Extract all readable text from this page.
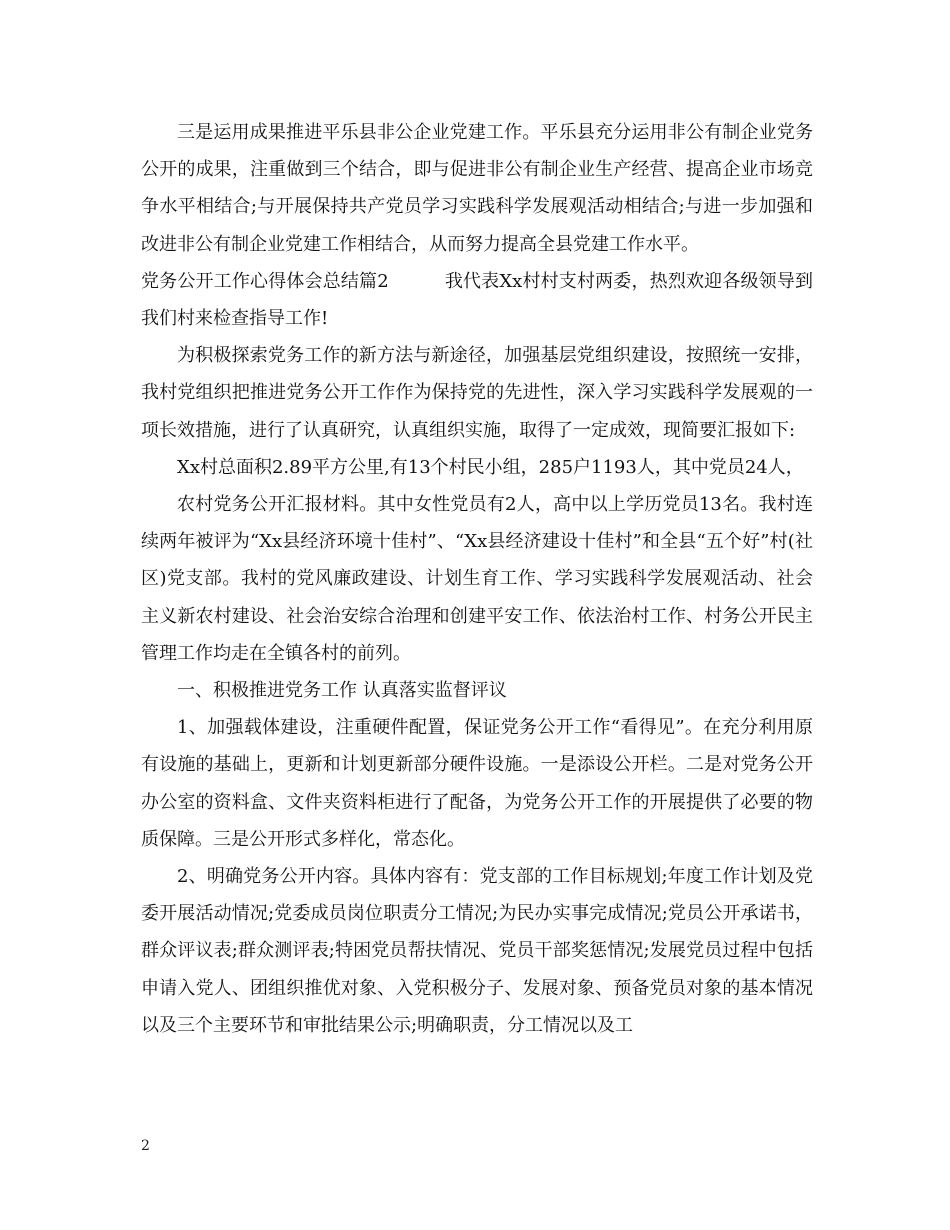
三是运用成果推进平乐县非公企业党建工作。平乐县充分运用非公有制企业党务公开的成果，注重做到三个结合，即与促进非公有制企业生产经营、提高企业市场竞争水平相结合;与开展保持共产党员学习实践科学发展观活动相结合;与进一步加强和改进非公有制企业党建工作相结合，从而努力提高全县党建工作水平。

党务公开工作心得体会总结篇2	我代表Xx村村支村两委，热烈欢迎各级领导到我们村来检查指导工作!

为积极探索党务工作的新方法与新途径，加强基层党组织建设，按照统一安排，我村党组织把推进党务公开工作作为保持党的先进性，深入学习实践科学发展观的一项长效措施，进行了认真研究，认真组织实施，取得了一定成效，现简要汇报如下:

Xx村总面积2.89平方公里,有13个村民小组，285户1193人，其中党员24人，

农村党务公开汇报材料。其中女性党员有2人，高中以上学历党员13名。我村连续两年被评为“Xx县经济环境十佳村”、“Xx县经济建设十佳村”和全县“五个好”村(社区)党支部。我村的党风廉政建设、计划生育工作、学习实践科学发展观活动、社会主义新农村建设、社会治安综合治理和创建平安工作、依法治村工作、村务公开民主管理工作均走在全镇各村的前列。

一、积极推进党务工作 认真落实监督评议

1、加强载体建设，注重硬件配置，保证党务公开工作“看得见”。在充分利用原有设施的基础上，更新和计划更新部分硬件设施。一是添设公开栏。二是对党务公开办公室的资料盒、文件夹资料柜进行了配备，为党务公开工作的开展提供了必要的物质保障。三是公开形式多样化，常态化。

2、明确党务公开内容。具体内容有：党支部的工作目标规划;年度工作计划及党委开展活动情况;党委成员岗位职责分工情况;为民办实事完成情况;党员公开承诺书，群众评议表;群众测评表;特困党员帮扶情况、党员干部奖惩情况;发展党员过程中包括申请入党人、团组织推优对象、入党积极分子、发展对象、预备党员对象的基本情况以及三个主要环节和审批结果公示;明确职责，分工情况以及工

2
